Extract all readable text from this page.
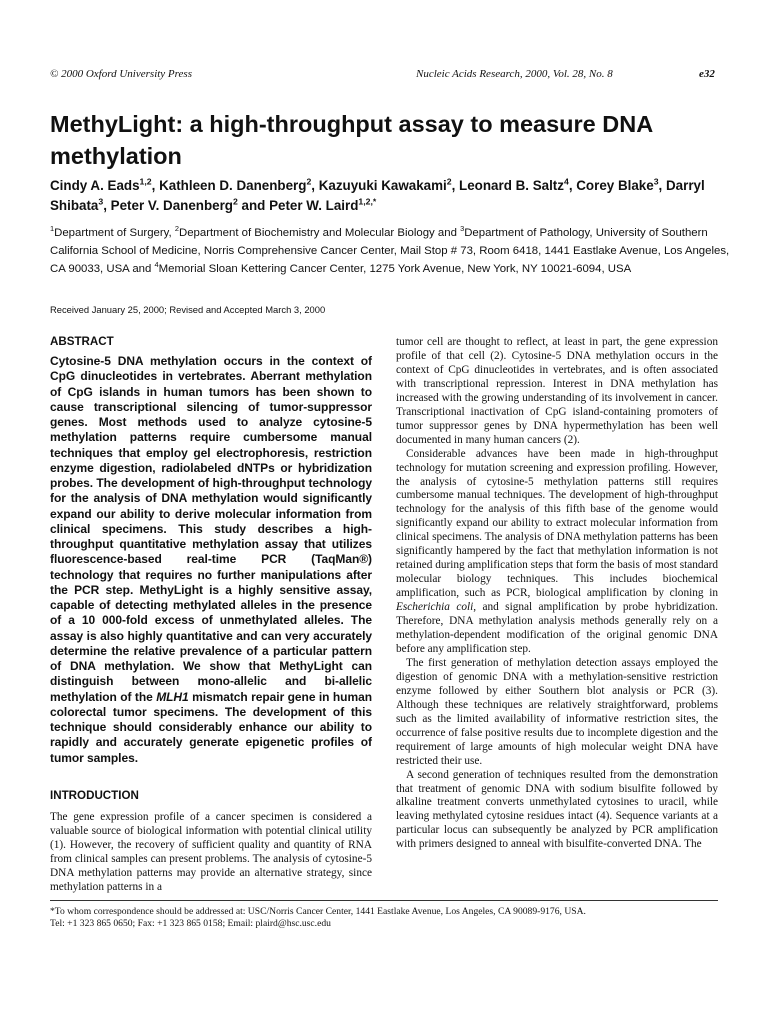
© 2000 Oxford University Press	Nucleic Acids Research, 2000, Vol. 28, No. 8	e32
MethyLight: a high-throughput assay to measure DNA methylation
Cindy A. Eads$^{1,2}$, Kathleen D. Danenberg$^2$, Kazuyuki Kawakami$^2$, Leonard B. Saltz$^4$, Corey Blake$^3$, Darryl Shibata$^3$, Peter V. Danenberg$^2$ and Peter W. Laird$^{1,2,*}$
$^1$Department of Surgery, $^2$Department of Biochemistry and Molecular Biology and $^3$Department of Pathology, University of Southern California School of Medicine, Norris Comprehensive Cancer Center, Mail Stop # 73, Room 6418, 1441 Eastlake Avenue, Los Angeles, CA 90033, USA and $^4$Memorial Sloan Kettering Cancer Center, 1275 York Avenue, New York, NY 10021-6094, USA
Received January 25, 2000; Revised and Accepted March 3, 2000
ABSTRACT
Cytosine-5 DNA methylation occurs in the context of CpG dinucleotides in vertebrates. Aberrant methylation of CpG islands in human tumors has been shown to cause transcriptional silencing of tumor-suppressor genes. Most methods used to analyze cytosine-5 methylation patterns require cumbersome manual techniques that employ gel electrophoresis, restriction enzyme digestion, radiolabeled dNTPs or hybridization probes. The development of high-throughput technology for the analysis of DNA methylation would significantly expand our ability to derive molecular information from clinical specimens. This study describes a high-throughput quantitative methylation assay that utilizes fluorescence-based real-time PCR (TaqMan®) technology that requires no further manipulations after the PCR step. MethyLight is a highly sensitive assay, capable of detecting methylated alleles in the presence of a 10 000-fold excess of unmethylated alleles. The assay is also highly quantitative and can very accurately determine the relative prevalence of a particular pattern of DNA methylation. We show that MethyLight can distinguish between mono-allelic and bi-allelic methylation of the MLH1 mismatch repair gene in human colorectal tumor specimens. The development of this technique should considerably enhance our ability to rapidly and accurately generate epigenetic profiles of tumor samples.
INTRODUCTION
The gene expression profile of a cancer specimen is considered a valuable source of biological information with potential clinical utility (1). However, the recovery of sufficient quality and quantity of RNA from clinical samples can present problems. The analysis of cytosine-5 DNA methylation patterns may provide an alternative strategy, since methylation patterns in a

tumor cell are thought to reflect, at least in part, the gene expression profile of that cell (2). Cytosine-5 DNA methylation occurs in the context of CpG dinucleotides in vertebrates, and is often associated with transcriptional repression. Interest in DNA methylation has increased with the growing understanding of its involvement in cancer. Transcriptional inactivation of CpG island-containing promoters of tumor suppressor genes by DNA hypermethylation has been well documented in many human cancers (2).

Considerable advances have been made in high-throughput technology for mutation screening and expression profiling. However, the analysis of cytosine-5 methylation patterns still requires cumbersome manual techniques. The development of high-throughput technology for the analysis of this fifth base of the genome would significantly expand our ability to extract molecular information from clinical specimens. The analysis of DNA methylation patterns has been significantly hampered by the fact that methylation information is not retained during amplification steps that form the basis of most standard molecular biology techniques. This includes biochemical amplification, such as PCR, biological amplification by cloning in Escherichia coli, and signal amplification by probe hybridization. Therefore, DNA methylation analysis methods generally rely on a methylation-dependent modification of the original genomic DNA before any amplification step.

The first generation of methylation detection assays employed the digestion of genomic DNA with a methylation-sensitive restriction enzyme followed by either Southern blot analysis or PCR (3). Although these techniques are relatively straightforward, problems such as the limited availability of informative restriction sites, the occurrence of false positive results due to incomplete digestion and the requirement of large amounts of high molecular weight DNA have restricted their use.

A second generation of techniques resulted from the demonstration that treatment of genomic DNA with sodium bisulfite followed by alkaline treatment converts unmethylated cytosines to uracil, while leaving methylated cytosine residues intact (4). Sequence variants at a particular locus can subsequently be analyzed by PCR amplification with primers designed to anneal with bisulfite-converted DNA. The

*To whom correspondence should be addressed at: USC/Norris Cancer Center, 1441 Eastlake Avenue, Los Angeles, CA 90089-9176, USA.
Tel: +1 323 865 0650; Fax: +1 323 865 0158; Email: plaird@hsc.usc.edu
